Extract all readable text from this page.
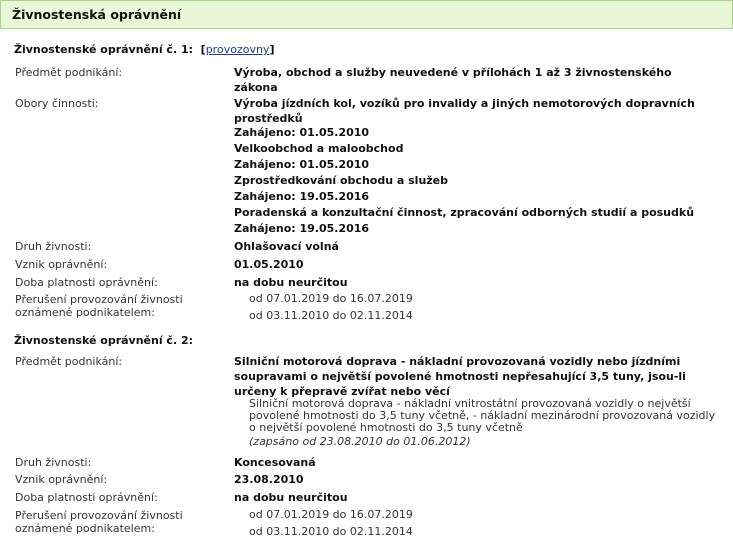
Živnostenská oprávnění
Živnostenské oprávnění č. 1:  [provozovny]
Předmět podnikání:	Výroba, obchod a služby neuvedené v přílohách 1 až 3 živnostenského zákona
Obory činnosti:	Výroba jízdních kol, vozíků pro invalidy a jiných nemotorových dopravních prostředků
Zahájeno: 01.05.2010
Velkoobchod a maloobchod
Zahájeno: 01.05.2010
Zprostředkování obchodu a služeb
Zahájeno: 19.05.2016
Poradenská a konzultační činnost, zpracování odborných studií a posudků
Zahájeno: 19.05.2016
Druh živnosti:	Ohlašovací volná
Vznik oprávnění:	01.05.2010
Doba platnosti oprávnění:	na dobu neurčitou
Přerušení provozování živnosti oznámené podnikatelem:
od 07.01.2019 do 16.07.2019
od 03.11.2010 do 02.11.2014
Živnostenské oprávnění č. 2:
Předmět podnikání:	Silniční motorová doprava - nákladní provozovaná vozidly nebo jízdními soupravami o největší povolené hmotnosti nepřesahující 3,5 tuny, jsou-li určeny k přepravě zvířat nebo věcí
Silniční motorová doprava - nákladní vnitrostátní provozovaná vozidly o největší povolené hmotnosti do 3,5 tuny včetně, - nákladní mezinárodní provozovaná vozidly o největší povolené hmotnosti do 3,5 tuny včetně
(zapsáno od 23.08.2010 do 01.06.2012)
Druh živnosti:	Koncesovaná
Vznik oprávnění:	23.08.2010
Doba platnosti oprávnění:	na dobu neurčitou
Přerušení provozování živnosti oznámené podnikatelem:
od 07.01.2019 do 16.07.2019
od 03.11.2010 do 02.11.2014
